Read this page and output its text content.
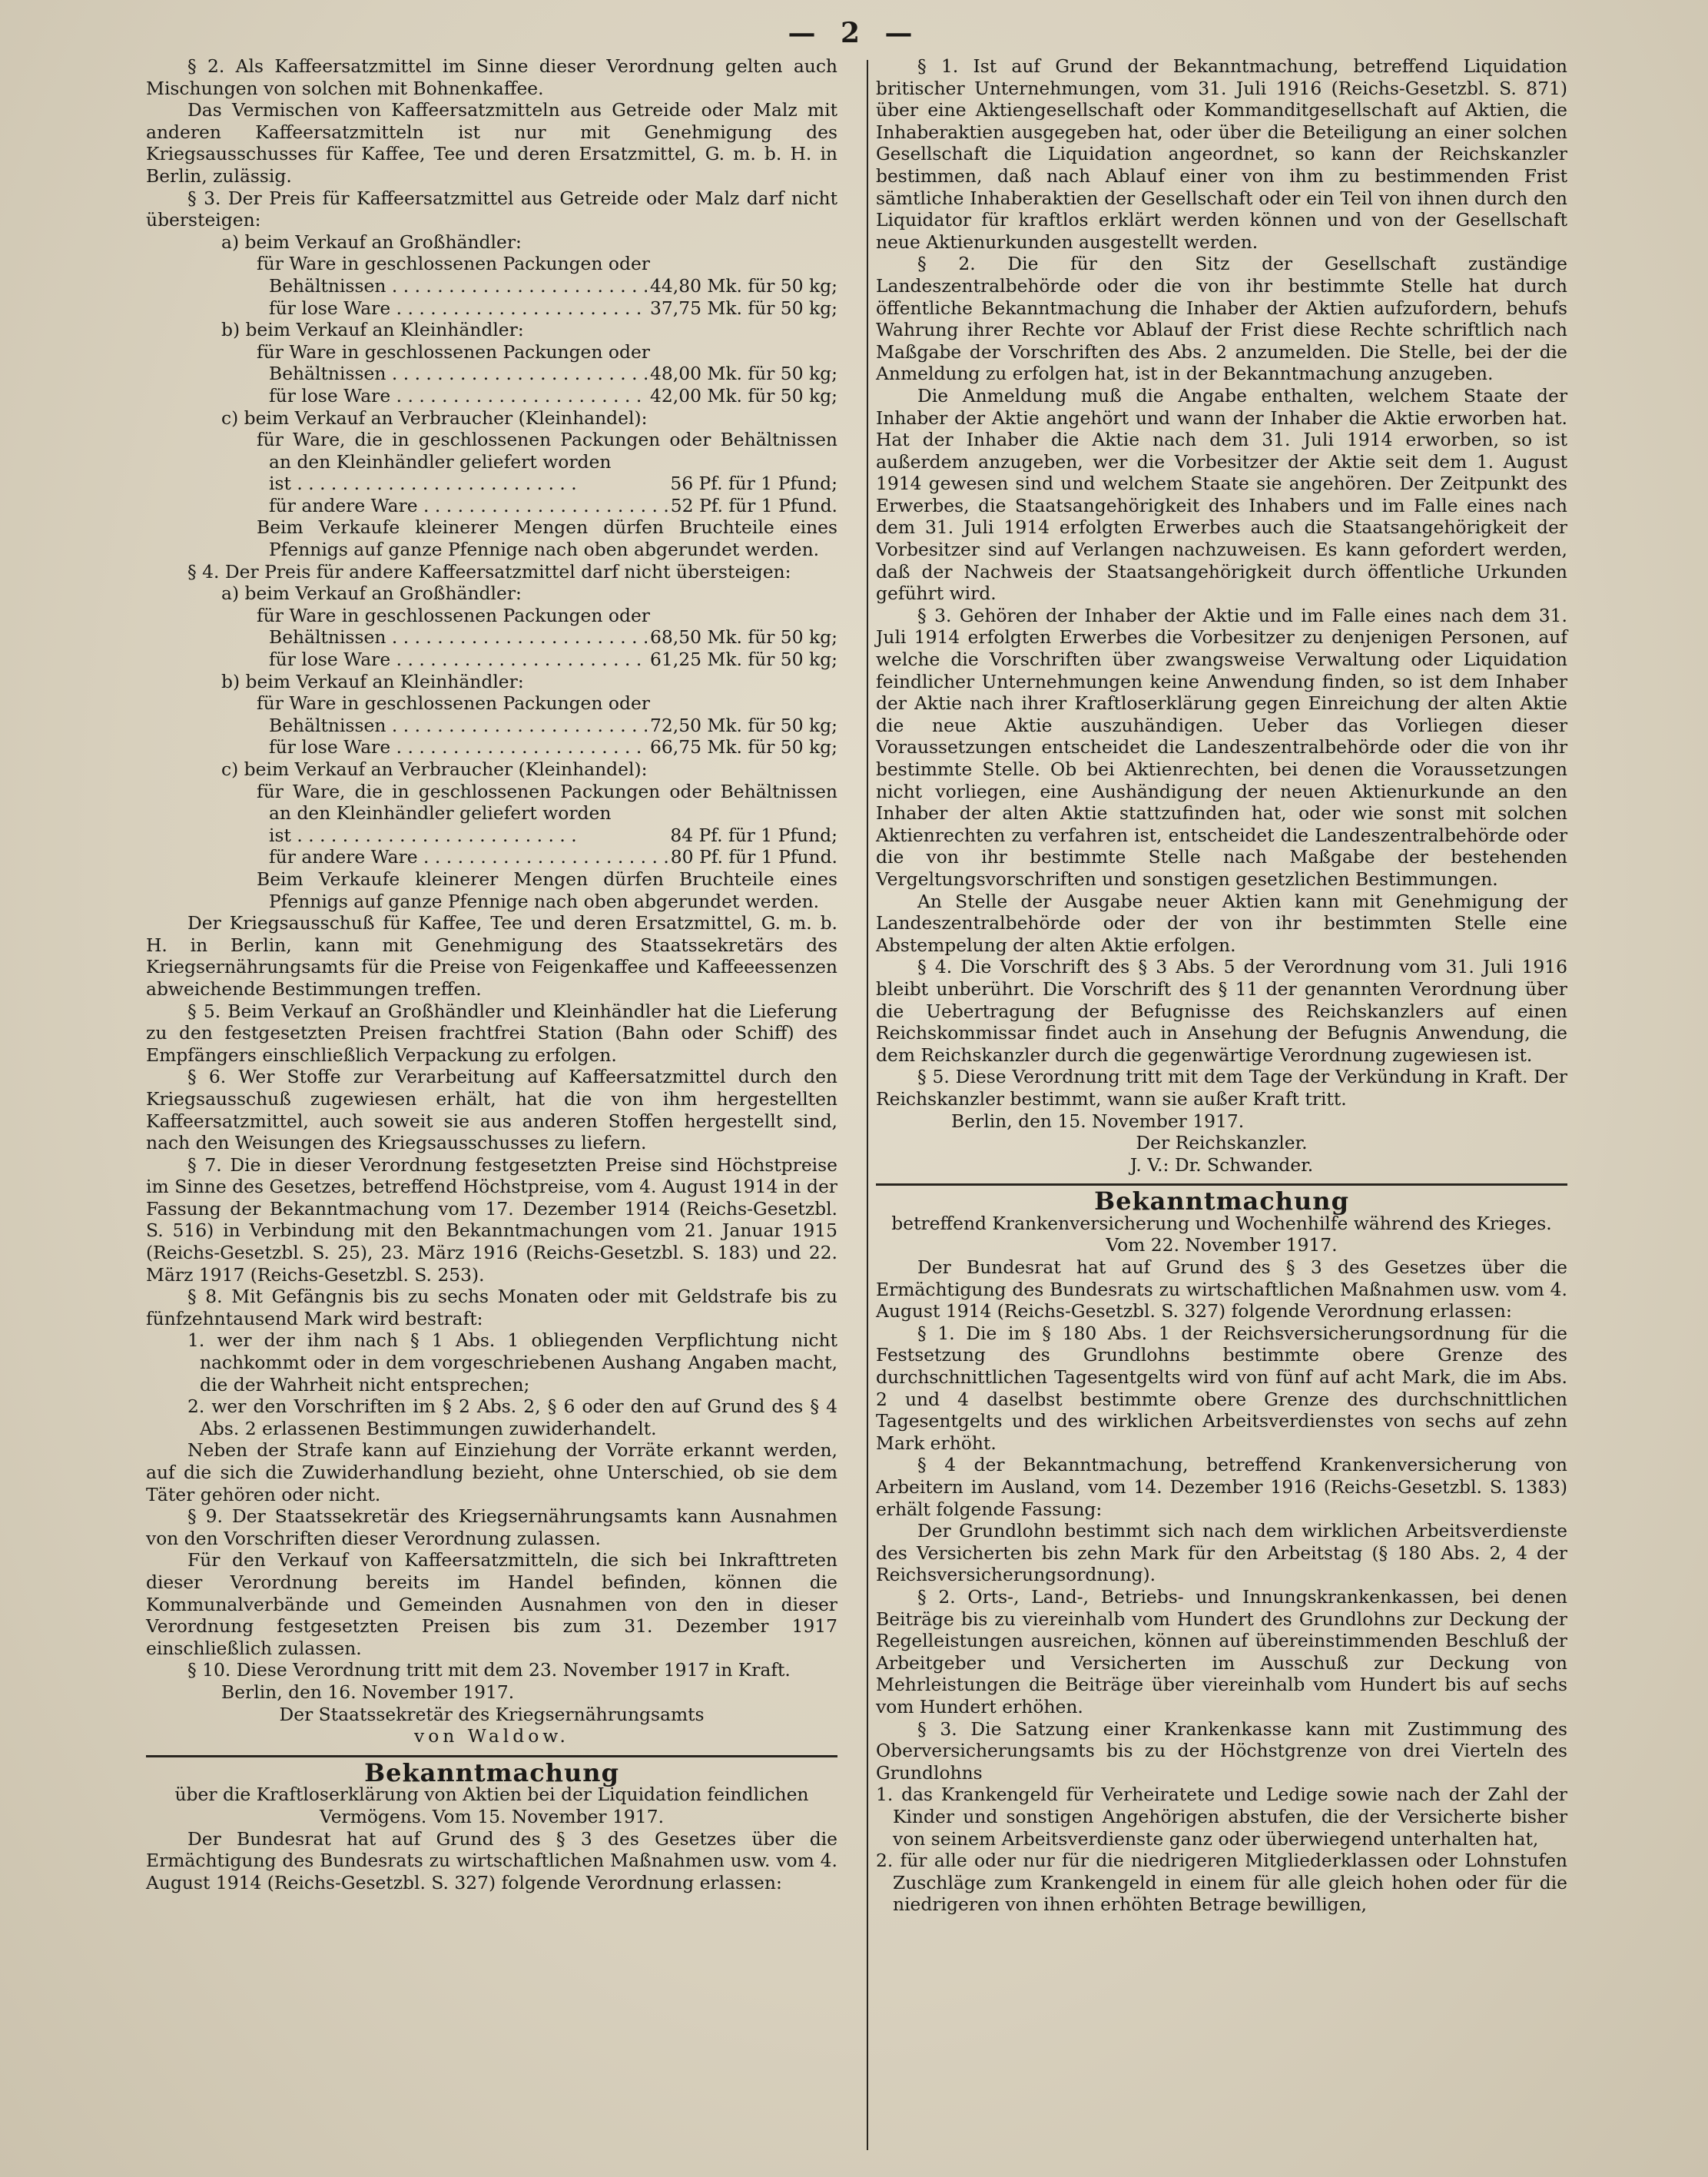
— 2 —

§ 2. Als Kaffeersatzmittel im Sinne dieser Verordnung gelten auch Mischungen von solchen mit Bohnenkaffee.

Das Vermischen von Kaffeersatzmitteln aus Getreide oder Malz mit anderen Kaffeersatzmitteln ist nur mit Genehmigung des Kriegsausschusses für Kaffee, Tee und deren Ersatzmittel, G. m. b. H. in Berlin, zulässig.

§ 3. Der Preis für Kaffeersatzmittel aus Getreide oder Malz darf nicht übersteigen:

a) beim Verkauf an Großhändler:

für Ware in geschlossenen Packungen oder

Behältnissen . . .	44,80 Mk. für 50 kg;
für lose Ware . . .	37,75 Mk. für 50 kg;

b) beim Verkauf an Kleinhändler:

für Ware in geschlossenen Packungen oder

Behältnissen . . .	48,00 Mk. für 50 kg;
für lose Ware . . .	42,00 Mk. für 50 kg;

c) beim Verkauf an Verbraucher (Kleinhandel):

für Ware, die in geschlossenen Packungen oder Behältnissen an den Kleinhändler geliefert worden

ist . . .	56 Pf. für 1 Pfund;
für andere Ware . . .	52 Pf. für 1 Pfund.

Beim Verkaufe kleinerer Mengen dürfen Bruchteile eines Pfennigs auf ganze Pfennige nach oben abgerundet werden.

§ 4. Der Preis für andere Kaffeersatzmittel darf nicht übersteigen:

a) beim Verkauf an Großhändler:

für Ware in geschlossenen Packungen oder

Behältnissen . . .	68,50 Mk. für 50 kg;
für lose Ware . . .	61,25 Mk. für 50 kg;

b) beim Verkauf an Kleinhändler:

für Ware in geschlossenen Packungen oder

Behältnissen . . .	72,50 Mk. für 50 kg;
für lose Ware . . .	66,75 Mk. für 50 kg;

c) beim Verkauf an Verbraucher (Kleinhandel):

für Ware, die in geschlossenen Packungen oder Behältnissen an den Kleinhändler geliefert worden

ist . . .	84 Pf. für 1 Pfund;
für andere Ware . . .	80 Pf. für 1 Pfund.

Beim Verkaufe kleinerer Mengen dürfen Bruchteile eines Pfennigs auf ganze Pfennige nach oben abgerundet werden.

Der Kriegsausschuß für Kaffee, Tee und deren Ersatzmittel, G. m. b. H. in Berlin, kann mit Genehmigung des Staatssekretärs des Kriegsernährungsamts für die Preise von Feigenkaffee und Kaffeeessenzen abweichende Bestimmungen treffen.

§ 5. Beim Verkauf an Großhändler und Kleinhändler hat die Lieferung zu den festgesetzten Preisen frachtfrei Station (Bahn oder Schiff) des Empfängers einschließlich Verpackung zu erfolgen.

§ 6. Wer Stoffe zur Verarbeitung auf Kaffeersatzmittel durch den Kriegsausschuß zugewiesen erhält, hat die von ihm hergestellten Kaffeersatzmittel, auch soweit sie aus anderen Stoffen hergestellt sind, nach den Weisungen des Kriegsausschusses zu liefern.

§ 7. Die in dieser Verordnung festgesetzten Preise sind Höchstpreise im Sinne des Gesetzes, betreffend Höchstpreise, vom 4. August 1914 in der Fassung der Bekanntmachung vom 17. Dezember 1914 (Reichs-Gesetzbl. S. 516) in Verbindung mit den Bekanntmachungen vom 21. Januar 1915 (Reichs-Gesetzbl. S. 25), 23. März 1916 (Reichs-Gesetzbl. S. 183) und 22. März 1917 (Reichs-Gesetzbl. S. 253).

§ 8. Mit Gefängnis bis zu sechs Monaten oder mit Geldstrafe bis zu fünfzehntausend Mark wird bestraft:

1. wer der ihm nach § 1 Abs. 1 obliegenden Verpflichtung nicht nachkommt oder in dem vorgeschriebenen Aushang Angaben macht, die der Wahrheit nicht entsprechen;

2. wer den Vorschriften im § 2 Abs. 2, § 6 oder den auf Grund des § 4 Abs. 2 erlassenen Bestimmungen zuwiderhandelt.

Neben der Strafe kann auf Einziehung der Vorräte erkannt werden, auf die sich die Zuwiderhandlung bezieht, ohne Unterschied, ob sie dem Täter gehören oder nicht.

§ 9. Der Staatssekretär des Kriegsernährungsamts kann Ausnahmen von den Vorschriften dieser Verordnung zulassen.

Für den Verkauf von Kaffeersatzmitteln, die sich bei Inkrafttreten dieser Verordnung bereits im Handel befinden, können die Kommunalverbände und Gemeinden Ausnahmen von den in dieser Verordnung festgesetzten Preisen bis zum 31. Dezember 1917 einschließlich zulassen.

§ 10. Diese Verordnung tritt mit dem 23. November 1917 in Kraft.

Berlin, den 16. November 1917.

Der Staatssekretär des Kriegsernährungsamts

von Waldow.

Bekanntmachung

über die Kraftloserklärung von Aktien bei der Liquidation feindlichen Vermögens. Vom 15. November 1917.

Der Bundesrat hat auf Grund des § 3 des Gesetzes über die Ermächtigung des Bundesrats zu wirtschaftlichen Maßnahmen usw. vom 4. August 1914 (Reichs-Gesetzbl. S. 327) folgende Verordnung erlassen:

§ 1. Ist auf Grund der Bekanntmachung, betreffend Liquidation britischer Unternehmungen, vom 31. Juli 1916 (Reichs-Gesetzbl. S. 871) über eine Aktiengesellschaft oder Kommanditgesellschaft auf Aktien, die Inhaberaktien ausgegeben hat, oder über die Beteiligung an einer solchen Gesellschaft die Liquidation angeordnet, so kann der Reichskanzler bestimmen, daß nach Ablauf einer von ihm zu bestimmenden Frist sämtliche Inhaberaktien der Gesellschaft oder ein Teil von ihnen durch den Liquidator für kraftlos erklärt werden können und von der Gesellschaft neue Aktienurkunden ausgestellt werden.

§ 2. Die für den Sitz der Gesellschaft zuständige Landeszentralbehörde oder die von ihr bestimmte Stelle hat durch öffentliche Bekanntmachung die Inhaber der Aktien aufzufordern, behufs Wahrung ihrer Rechte vor Ablauf der Frist diese Rechte schriftlich nach Maßgabe der Vorschriften des Abs. 2 anzumelden. Die Stelle, bei der die Anmeldung zu erfolgen hat, ist in der Bekanntmachung anzugeben.

Die Anmeldung muß die Angabe enthalten, welchem Staate der Inhaber der Aktie angehört und wann der Inhaber die Aktie erworben hat. Hat der Inhaber die Aktie nach dem 31. Juli 1914 erworben, so ist außerdem anzugeben, wer die Vorbesitzer der Aktie seit dem 1. August 1914 gewesen sind und welchem Staate sie angehören. Der Zeitpunkt des Erwerbes, die Staatsangehörigkeit des Inhabers und im Falle eines nach dem 31. Juli 1914 erfolgten Erwerbes auch die Staatsangehörigkeit der Vorbesitzer sind auf Verlangen nachzuweisen. Es kann gefordert werden, daß der Nachweis der Staatsangehörigkeit durch öffentliche Urkunden geführt wird.

§ 3. Gehören der Inhaber der Aktie und im Falle eines nach dem 31. Juli 1914 erfolgten Erwerbes die Vorbesitzer zu denjenigen Personen, auf welche die Vorschriften über zwangsweise Verwaltung oder Liquidation feindlicher Unternehmungen keine Anwendung finden, so ist dem Inhaber der Aktie nach ihrer Kraftloserklärung gegen Einreichung der alten Aktie die neue Aktie auszuhändigen. Ueber das Vorliegen dieser Voraussetzungen entscheidet die Landeszentralbehörde oder die von ihr bestimmte Stelle. Ob bei Aktienrechten, bei denen die Voraussetzungen nicht vorliegen, eine Aushändigung der neuen Aktienurkunde an den Inhaber der alten Aktie stattzufinden hat, oder wie sonst mit solchen Aktienrechten zu verfahren ist, entscheidet die Landeszentralbehörde oder die von ihr bestimmte Stelle nach Maßgabe der bestehenden Vergeltungsvorschriften und sonstigen gesetzlichen Bestimmungen.

An Stelle der Ausgabe neuer Aktien kann mit Genehmigung der Landeszentralbehörde oder der von ihr bestimmten Stelle eine Abstempelung der alten Aktie erfolgen.

§ 4. Die Vorschrift des § 3 Abs. 5 der Verordnung vom 31. Juli 1916 bleibt unberührt. Die Vorschrift des § 11 der genannten Verordnung über die Uebertragung der Befugnisse des Reichskanzlers auf einen Reichskommissar findet auch in Ansehung der Befugnis Anwendung, die dem Reichskanzler durch die gegenwärtige Verordnung zugewiesen ist.

§ 5. Diese Verordnung tritt mit dem Tage der Verkündung in Kraft. Der Reichskanzler bestimmt, wann sie außer Kraft tritt.

Berlin, den 15. November 1917.

Der Reichskanzler.

J. V.: Dr. Schwander.

Bekanntmachung

betreffend Krankenversicherung und Wochenhilfe während des Krieges. Vom 22. November 1917.

Der Bundesrat hat auf Grund des § 3 des Gesetzes über die Ermächtigung des Bundesrats zu wirtschaftlichen Maßnahmen usw. vom 4. August 1914 (Reichs-Gesetzbl. S. 327) folgende Verordnung erlassen:

§ 1. Die im § 180 Abs. 1 der Reichsversicherungsordnung für die Festsetzung des Grundlohns bestimmte obere Grenze des durchschnittlichen Tagesentgelts wird von fünf auf acht Mark, die im Abs. 2 und 4 daselbst bestimmte obere Grenze des durchschnittlichen Tagesentgelts und des wirklichen Arbeitsverdienstes von sechs auf zehn Mark erhöht.

§ 4 der Bekanntmachung, betreffend Krankenversicherung von Arbeitern im Ausland, vom 14. Dezember 1916 (Reichs-Gesetzbl. S. 1383) erhält folgende Fassung:

Der Grundlohn bestimmt sich nach dem wirklichen Arbeitsverdienste des Versicherten bis zehn Mark für den Arbeitstag (§ 180 Abs. 2, 4 der Reichsversicherungsordnung).

§ 2. Orts-, Land-, Betriebs- und Innungskrankenkassen, bei denen Beiträge bis zu viereinhalb vom Hundert des Grundlohns zur Deckung der Regelleistungen ausreichen, können auf übereinstimmenden Beschluß der Arbeitgeber und Versicherten im Ausschuß zur Deckung von Mehrleistungen die Beiträge über viereinhalb vom Hundert bis auf sechs vom Hundert erhöhen.

§ 3. Die Satzung einer Krankenkasse kann mit Zustimmung des Oberversicherungsamts bis zu der Höchstgrenze von drei Vierteln des Grundlohns

1. das Krankengeld für Verheiratete und Ledige sowie nach der Zahl der Kinder und sonstigen Angehörigen abstufen, die der Versicherte bisher von seinem Arbeitsverdienste ganz oder überwiegend unterhalten hat,

2. für alle oder nur für die niedrigeren Mitgliederklassen oder Lohnstufen Zuschläge zum Krankengeld in einem für alle gleich hohen oder für die niedrigeren von ihnen erhöhten Betrage bewilligen,
